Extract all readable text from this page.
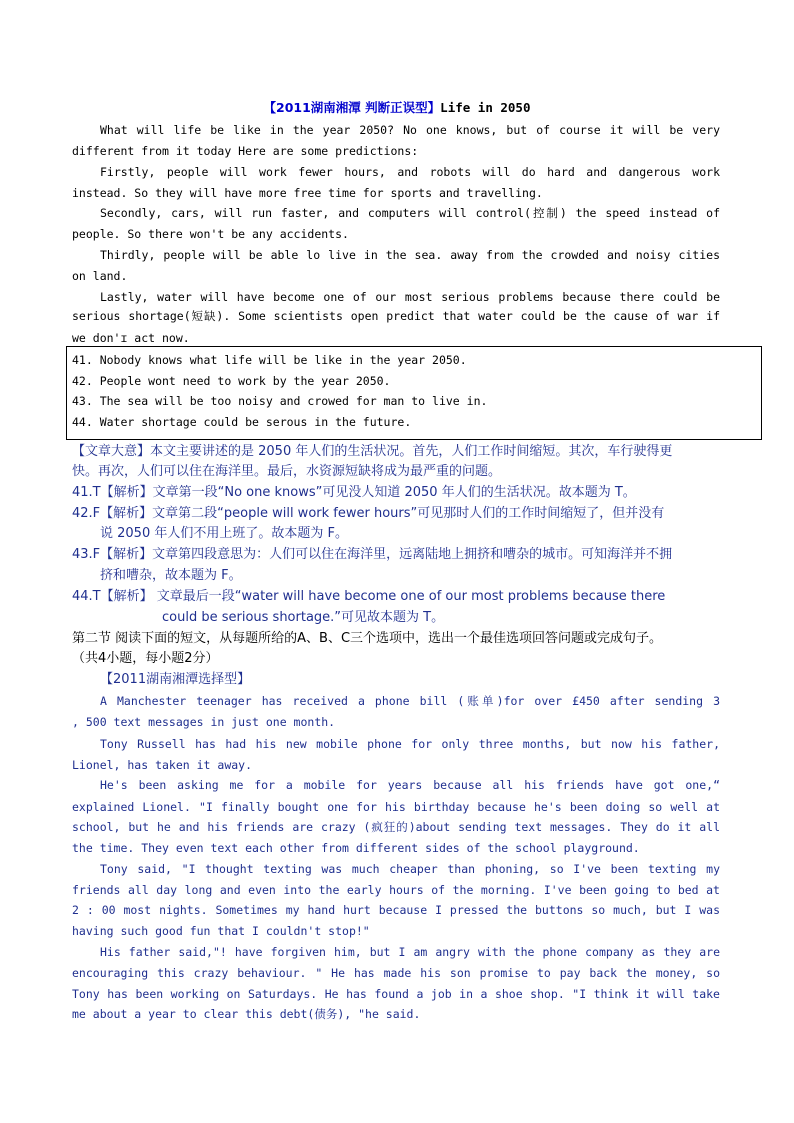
【2011湖南湘潭 判断正误型】Life in 2050
What will life be like in the year 2050? No one knows, but of course it will be very
different from it today Here are some predictions:
Firstly, people will work fewer hours, and robots will do hard and dangerous work
instead. So they will have more free time for sports and travelling.
Secondly, cars, will run faster, and computers will control(控制) the speed instead of
people. So there won't be any accidents.
Thirdly, people will be able lo live in the sea. away from the crowded and noisy cities
on land.
Lastly, water will have become one of our most serious problems because there could be
serious shortage(短缺). Some scientists open predict that water could be the cause of war if
we don'ɪ act now.
41. Nobody knows what life will be like in the year 2050.
42. People wont need to work by the year 2050.
43. The sea will be too noisy and crowed for man to live in.
44. Water shortage could be serous in the future.
【文章大意】本文主要讲述的是 2050 年人们的生活状况。首先，人们工作时间缩短。其次，车行驶得更
快。再次，人们可以住在海洋里。最后，水资源短缺将成为最严重的问题。
41.T【解析】文章第一段“No one knows”可见没人知道 2050 年人们的生活状况。故本题为 T。
42.F【解析】文章第二段“people will work fewer hours”可见那时人们的工作时间缩短了，但并没有
说 2050 年人们不用上班了。故本题为 F。
43.F【解析】文章第四段意思为：人们可以住在海洋里，远离陆地上拥挤和嘈杂的城市。可知海洋并不拥
挤和嘈杂，故本题为 F。
44.T【解析】 文章最后一段“water will have become one of our most problems because there
could be serious shortage.”可见故本题为 T。
第二节 阅读下面的短文，从每题所给的A、B、C三个选项中，选出一个最佳选项回答问题或完成句子。
（共4小题，每小题2分）
【2011湖南湘潭选择型】
A Manchester teenager has received a phone bill (账单)for over £450 after sending 3
, 500 text messages in just one month.
Tony Russell has had his new mobile phone for only three months, but now his father,
Lionel, has taken it away.
He's been asking me for a mobile for years because all his friends have got one,“
explained Lionel. "I finally bought one for his birthday because he's been doing so well at
school, but he and his friends are crazy (疯狂的)about sending text messages. They do it all
the time. They even text each other from different sides of the school playground.
Tony said, "I thought texting was much cheaper than phoning, so I've been texting my
friends all day long and even into the early hours of the morning. I've been going to bed at
2 : 00 most nights. Sometimes my hand hurt because I pressed the buttons so much, but I was
having such good fun that I couldn't stop!"
His father said,"! have forgiven him, but I am angry with the phone company as they are
encouraging this crazy behaviour. " He has made his son promise to pay back the money, so
Tony has been working on Saturdays. He has found a job in a shoe shop. "I think it will take
me about a year to clear this debt(债务), "he said.
